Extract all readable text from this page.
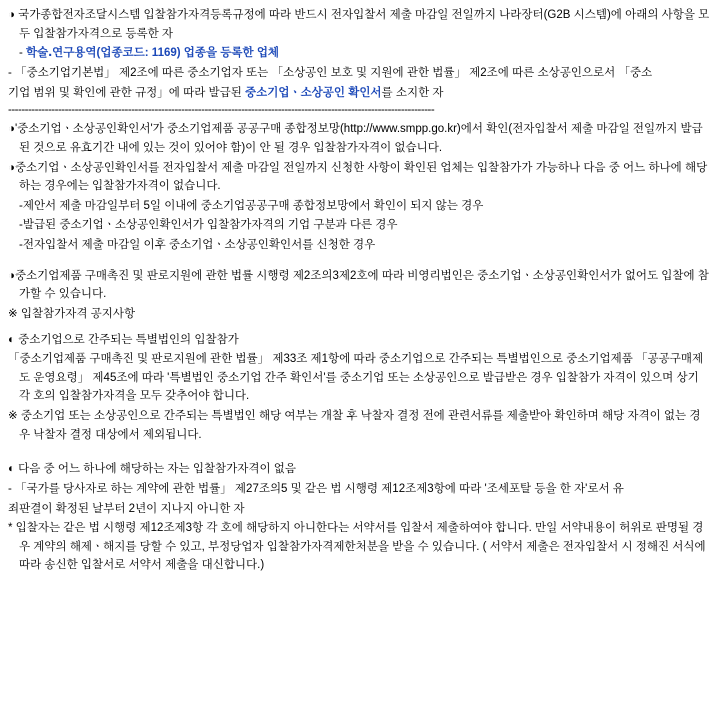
◑ 국가종합전자조달시스템 입찰참가자격등록규정에 따라 반드시 전자입찰서 제출 마감일 전일까지 나라장터(G2B 시스템)에 아래의 사항을 모두 입찰참가자격으로 등록한 자

- 학술․연구용역(업종코드: 1169) 업종을 등록한 업체

- 「중소기업기본법」 제2조에 따른 중소기업자 또는 「소상공인 보호 및 지원에 관한 법률」 제2조에 따른 소상공인으로서 「중소

기업 범위 및 확인에 관한 규정」에 따라 발급된 중소기업ㆍ소상공인 확인서를 소지한 자

--------------------------------------------------------------------------------------------------------------------------------

◑'중소기업ㆍ소상공인확인서'가 중소기업제품 공공구매 종합정보망(http://www.smpp.go.kr)에서 확인(전자입찰서 제출 마감일 전일까지 발급된 것으로 유효기간 내에 있는 것이 있어야 함)이 안 될 경우 입찰참가자격이 없습니다.

◑중소기업ㆍ소상공인확인서를 전자입찰서 제출 마감일 전일까지 신청한 사항이 확인된 업체는 입찰참가가 가능하나 다음 중 어느 하나에 해당하는 경우에는 입찰참가자격이 없습니다.

-제안서 제출 마감일부터 5일 이내에 중소기업공공구매 종합정보망에서 확인이 되지 않는 경우

-발급된 중소기업ㆍ소상공인확인서가 입찰참가자격의 기업 구분과 다른 경우

-전자입찰서 제출 마감일 이후 중소기업ㆍ소상공인확인서를 신청한 경우

◑중소기업제품 구매촉진 및 판로지원에 관한 법률 시행령 제2조의3제2호에 따라 비영리법인은 중소기업ㆍ소상공인확인서가 없어도 입찰에 참가할 수 있습니다.

※ 입찰참가자격 공지사항

◐ 중소기업으로 간주되는 특별법인의 입찰참가

「중소기업제품 구매촉진 및 판로지원에 관한 법률」 제33조 제1항에 따라 중소기업으로 간주되는 특별법인으로 중소기업제품 「공공구매제도 운영요령」 제45조에 따라 '특별법인 중소기업 간주 확인서'를 중소기업 또는 소상공인으로 발급받은 경우 입찰참가 자격이 있으며 상기 각 호의 입찰참가자격을 모두 갖추어야 합니다.

※ 중소기업 또는 소상공인으로 간주되는 특별법인 해당 여부는 개찰 후 낙찰자 결정 전에 관련서류를 제출받아 확인하며 해당 자격이 없는 경우 낙찰자 결정 대상에서 제외됩니다.

◐ 다음 중 어느 하나에 해당하는 자는 입찰참가자격이 없음

- 「국가를 당사자로 하는 계약에 관한 법률」 제27조의5 및 같은 법 시행령 제12조제3항에 따라 '조세포탈 등을 한 자'로서 유

죄판결이 확정된 날부터 2년이 지나지 아니한 자

* 입찰자는 같은 법 시행령 제12조제3항 각 호에 해당하지 아니한다는 서약서를 입찰서 제출하여야 합니다. 만일 서약내용이 허위로 판명될 경우 계약의 해제ㆍ해지를 당할 수 있고, 부정당업자 입찰참가자격제한처분을 받을 수 있습니다. ( 서약서 제출은 전자입찰서 시 정해진 서식에 따라 송신한 입찰서로 서약서 제출을 대신합니다.)
